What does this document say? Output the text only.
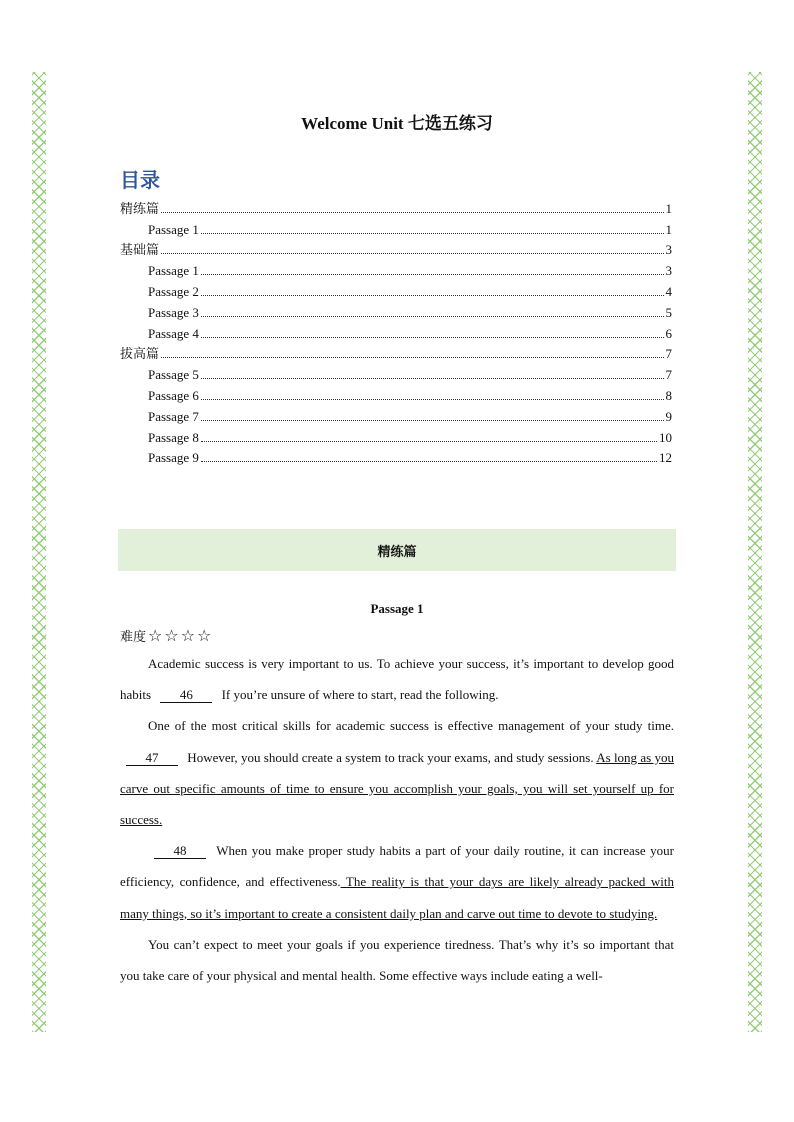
Welcome Unit 七选五练习
目录
精练篇	1
Passage 1	1
基础篇	3
Passage 1	3
Passage 2	4
Passage 3	5
Passage 4	6
拔高篇	7
Passage 5	7
Passage 6	8
Passage 7	9
Passage 8	10
Passage 9	12
精练篇
Passage 1
难度 ☆☆☆☆

Academic success is very important to us. To achieve your success, it’s important to develop good habits 46 If you’re unsure of where to start, read the following.

One of the most critical skills for academic success is effective management of your study time. 47 However, you should create a system to track your exams, and study sessions. As long as you carve out specific amounts of time to ensure you accomplish your goals, you will set yourself up for success.

48 When you make proper study habits a part of your daily routine, it can increase your efficiency, confidence, and effectiveness. The reality is that your days are likely already packed with many things, so it’s important to create a consistent daily plan and carve out time to devote to studying.

You can’t expect to meet your goals if you experience tiredness. That’s why it’s so important that you take care of your physical and mental health. Some effective ways include eating a well-
